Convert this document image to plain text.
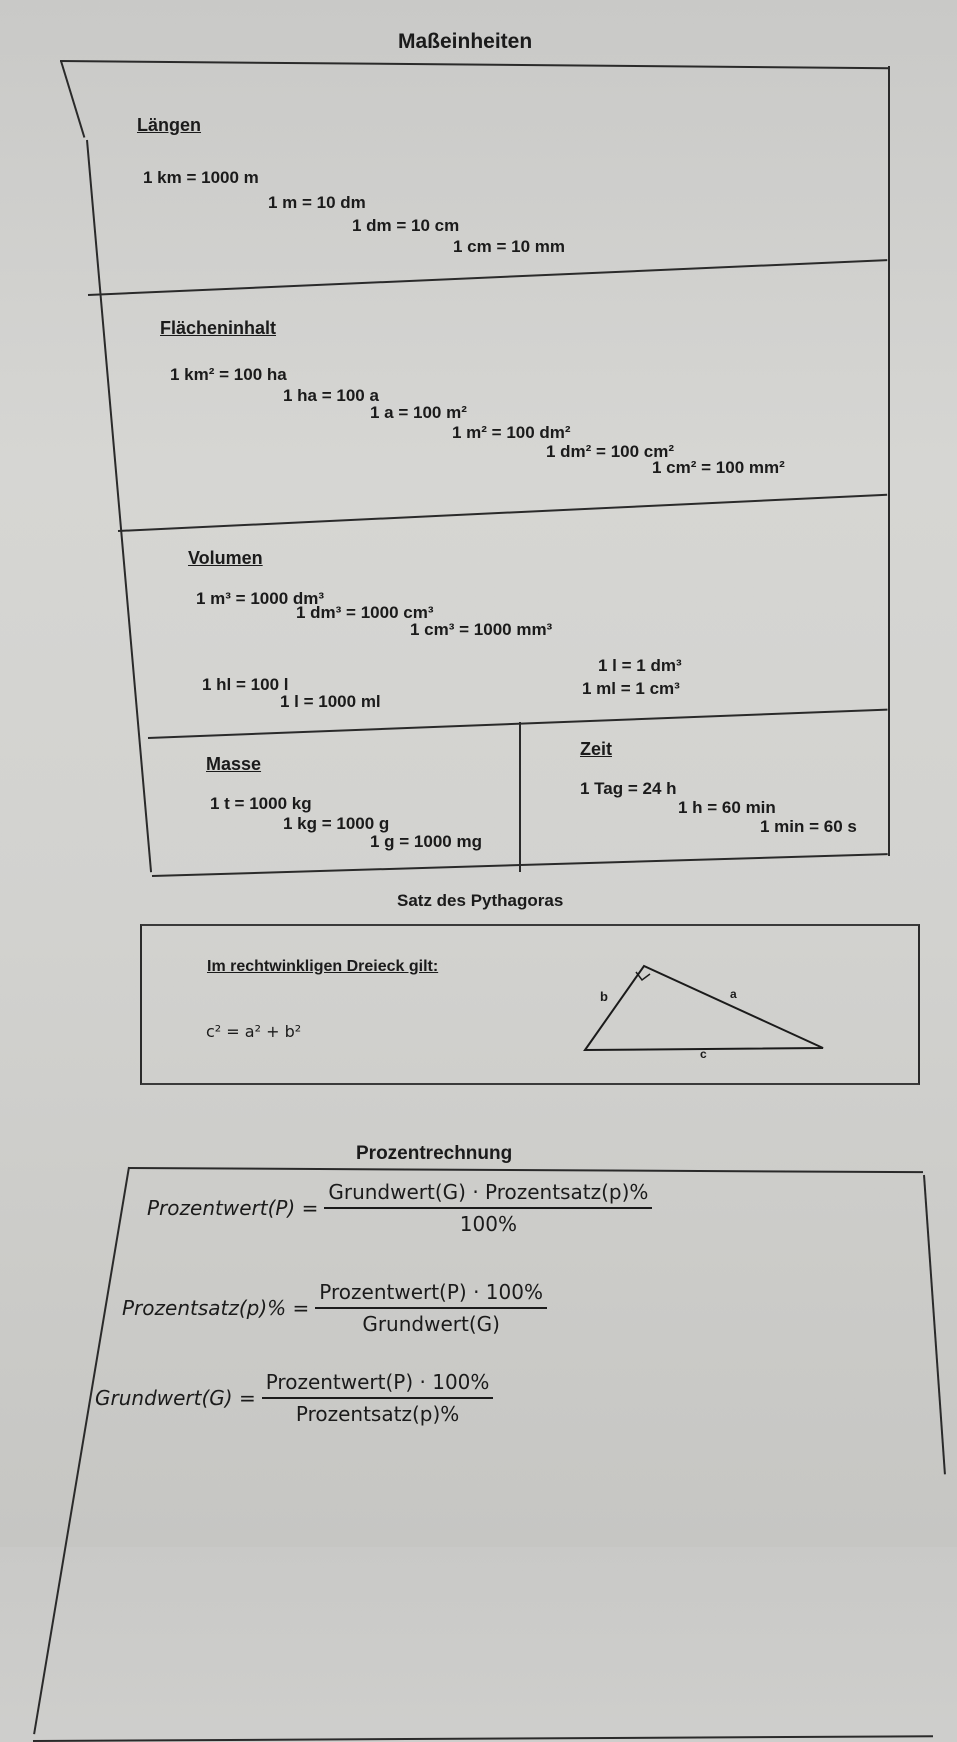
Maßeinheiten
Längen
1 km = 1000 m
1 m = 10 dm
1 dm = 10 cm
1 cm = 10 mm
Flächeninhalt
1 km² = 100 ha
1 ha = 100 a
1 a = 100 m²
1 m² = 100 dm²
1 dm² = 100 cm²
1 cm² = 100 mm²
Volumen
1 m³ = 1000 dm³
1 dm³ = 1000 cm³
1 cm³ = 1000 mm³
1 hl = 100 l
1 l = 1000 ml
1 l = 1 dm³
1 ml = 1 cm³
Masse
1 t = 1000 kg
1 kg = 1000 g
1 g = 1000 mg
Zeit
1 Tag = 24 h
1 h = 60 min
1 min = 60 s
Satz des Pythagoras
Im rechtwinkligen Dreieck gilt:
c² = a² + b²
b	a
c
Prozentrechnung
Prozentwert(P) = $\frac{\text{Grundwert(G) · Prozentsatz(p)\%}}{100\%}$
Prozentsatz(p)% = $\frac{\text{Prozentwert(P) · 100\%}}{\text{Grundwert(G)}}$
Grundwert(G) = $\frac{\text{Prozentwert(P) · 100\%}}{\text{Prozentsatz(p)\%}}$
